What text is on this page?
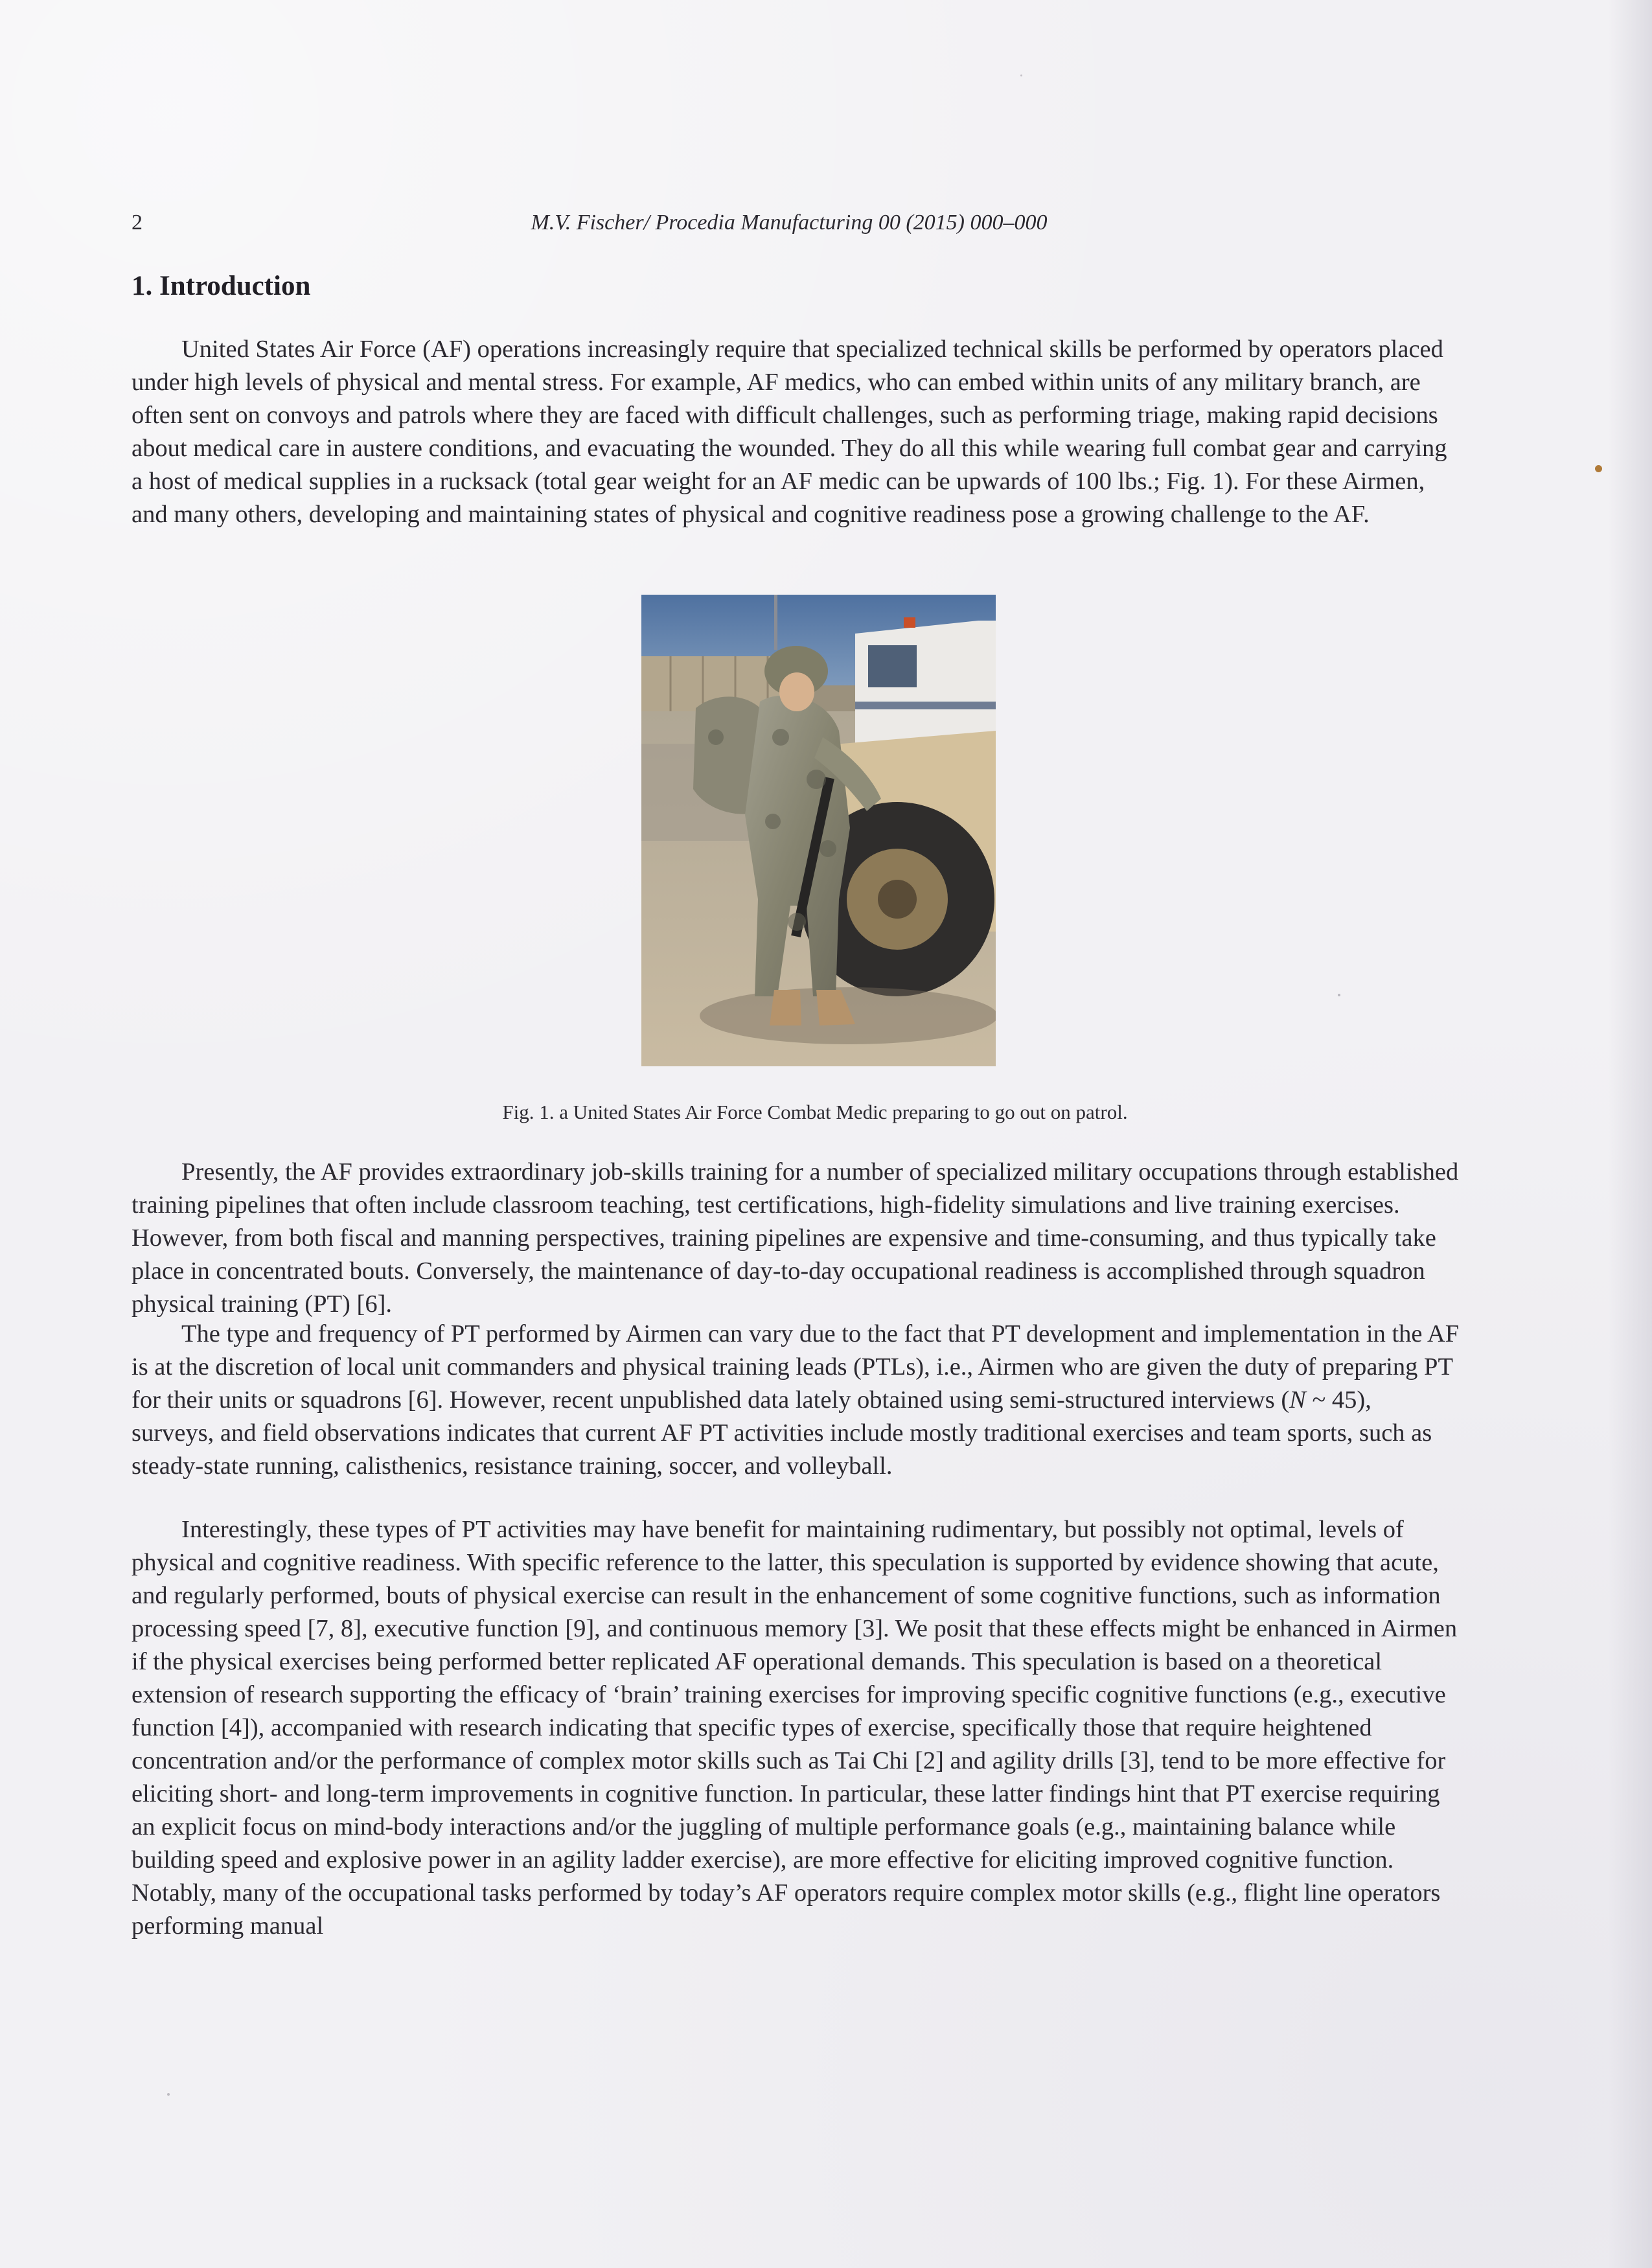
2	M.V. Fischer/ Procedia Manufacturing 00 (2015) 000–000
1. Introduction

United States Air Force (AF) operations increasingly require that specialized technical skills be performed by operators placed under high levels of physical and mental stress. For example, AF medics, who can embed within units of any military branch, are often sent on convoys and patrols where they are faced with difficult challenges, such as performing triage, making rapid decisions about medical care in austere conditions, and evacuating the wounded. They do all this while wearing full combat gear and carrying a host of medical supplies in a rucksack (total gear weight for an AF medic can be upwards of 100 lbs.; Fig. 1). For these Airmen, and many others, developing and maintaining states of physical and cognitive readiness pose a growing challenge to the AF.

Fig. 1. a United States Air Force Combat Medic preparing to go out on patrol.

Presently, the AF provides extraordinary job-skills training for a number of specialized military occupations through established training pipelines that often include classroom teaching, test certifications, high-fidelity simulations and live training exercises. However, from both fiscal and manning perspectives, training pipelines are expensive and time-consuming, and thus typically take place in concentrated bouts. Conversely, the maintenance of day-to-day occupational readiness is accomplished through squadron physical training (PT) [6].

The type and frequency of PT performed by Airmen can vary due to the fact that PT development and implementation in the AF is at the discretion of local unit commanders and physical training leads (PTLs), i.e., Airmen who are given the duty of preparing PT for their units or squadrons [6]. However, recent unpublished data lately obtained using semi-structured interviews (N ~ 45), surveys, and field observations indicates that current AF PT activities include mostly traditional exercises and team sports, such as steady-state running, calisthenics, resistance training, soccer, and volleyball.

Interestingly, these types of PT activities may have benefit for maintaining rudimentary, but possibly not optimal, levels of physical and cognitive readiness. With specific reference to the latter, this speculation is supported by evidence showing that acute, and regularly performed, bouts of physical exercise can result in the enhancement of some cognitive functions, such as information processing speed [7, 8], executive function [9], and continuous memory [3]. We posit that these effects might be enhanced in Airmen if the physical exercises being performed better replicated AF operational demands. This speculation is based on a theoretical extension of research supporting the efficacy of ‘brain’ training exercises for improving specific cognitive functions (e.g., executive function [4]), accompanied with research indicating that specific types of exercise, specifically those that require heightened concentration and/or the performance of complex motor skills such as Tai Chi [2] and agility drills [3], tend to be more effective for eliciting short- and long-term improvements in cognitive function. In particular, these latter findings hint that PT exercise requiring an explicit focus on mind-body interactions and/or the juggling of multiple performance goals (e.g., maintaining balance while building speed and explosive power in an agility ladder exercise), are more effective for eliciting improved cognitive function. Notably, many of the occupational tasks performed by today’s AF operators require complex motor skills (e.g., flight line operators performing manual
